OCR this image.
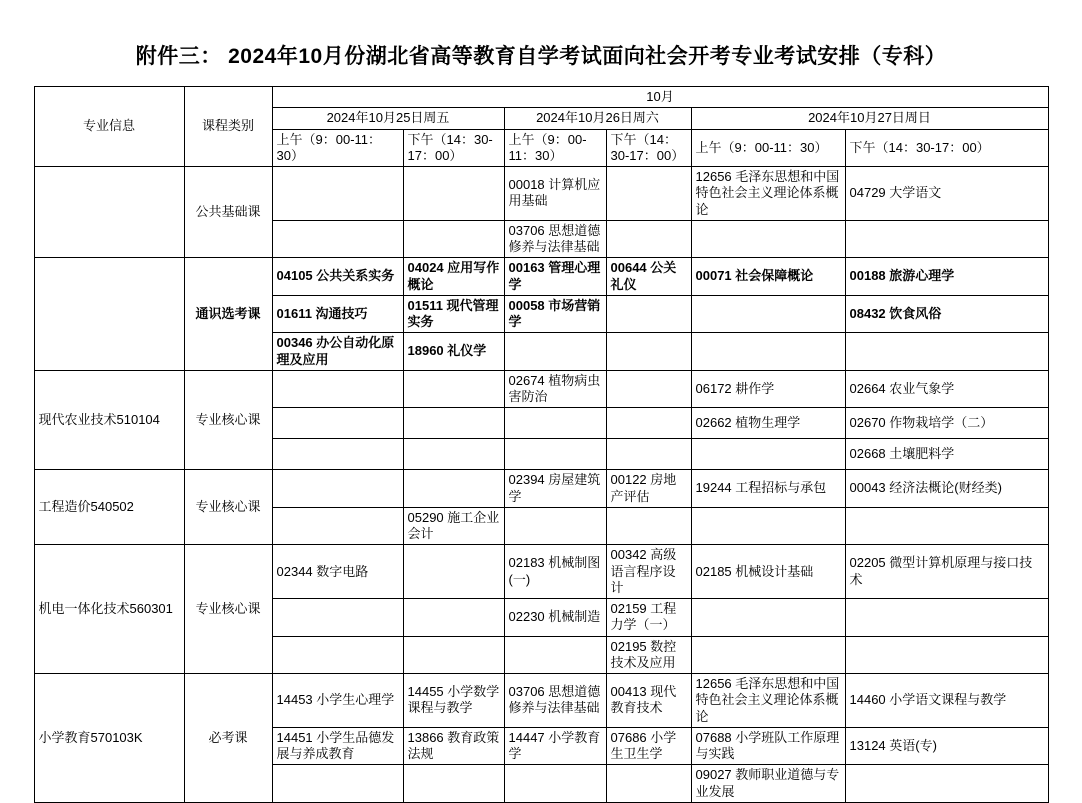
附件三： 2024年10月份湖北省高等教育自学考试面向社会开考专业考试安排（专科）
专业信息	课程类别	10月					
		2024年10月25日周五		2024年10月26日周六		2024年10月27日周日	
		上午（9：00-11：30）	下午（14：30-17：00）	上午（9：00-11：30）	下午（14：30-17：00）	上午（9：00-11：30）	下午（14：30-17：00）
	公共基础课			00018 计算机应用基础		12656 毛泽东思想和中国特色社会主义理论体系概论	04729 大学语文
				03706 思想道德修养与法律基础			
	通识选考课	04105 公共关系实务	04024 应用写作概论	00163 管理心理学	00644 公关礼仪	00071 社会保障概论	00188 旅游心理学
		01611 沟通技巧	01511 现代管理实务	00058 市场营销学			08432 饮食风俗
		00346 办公自动化原理及应用	18960 礼仪学				
现代农业技术510104	专业核心课			02674 植物病虫害防治		06172 耕作学	02664 农业气象学
						02662 植物生理学	02670 作物栽培学（二）
							02668 土壤肥料学
工程造价540502	专业核心课			02394 房屋建筑学	00122 房地产评估	19244 工程招标与承包	00043 经济法概论(财经类)
			05290 施工企业会计				
机电一体化技术560301	专业核心课	02344 数字电路		02183 机械制图(一)	00342 高级语言程序设计	02185 机械设计基础	02205 微型计算机原理与接口技术
				02230 机械制造	02159 工程力学（一）		
					02195 数控技术及应用		
小学教育570103K	必考课	14453 小学生心理学	14455 小学数学课程与教学	03706 思想道德修养与法律基础	00413 现代教育技术	12656 毛泽东思想和中国特色社会主义理论体系概论	14460 小学语文课程与教学
		14451 小学生品德发展与养成教育	13866 教育政策法规	14447 小学教育学	07686 小学生卫生学	07688 小学班队工作原理与实践	13124 英语(专)
						09027 教师职业道德与专业发展	
